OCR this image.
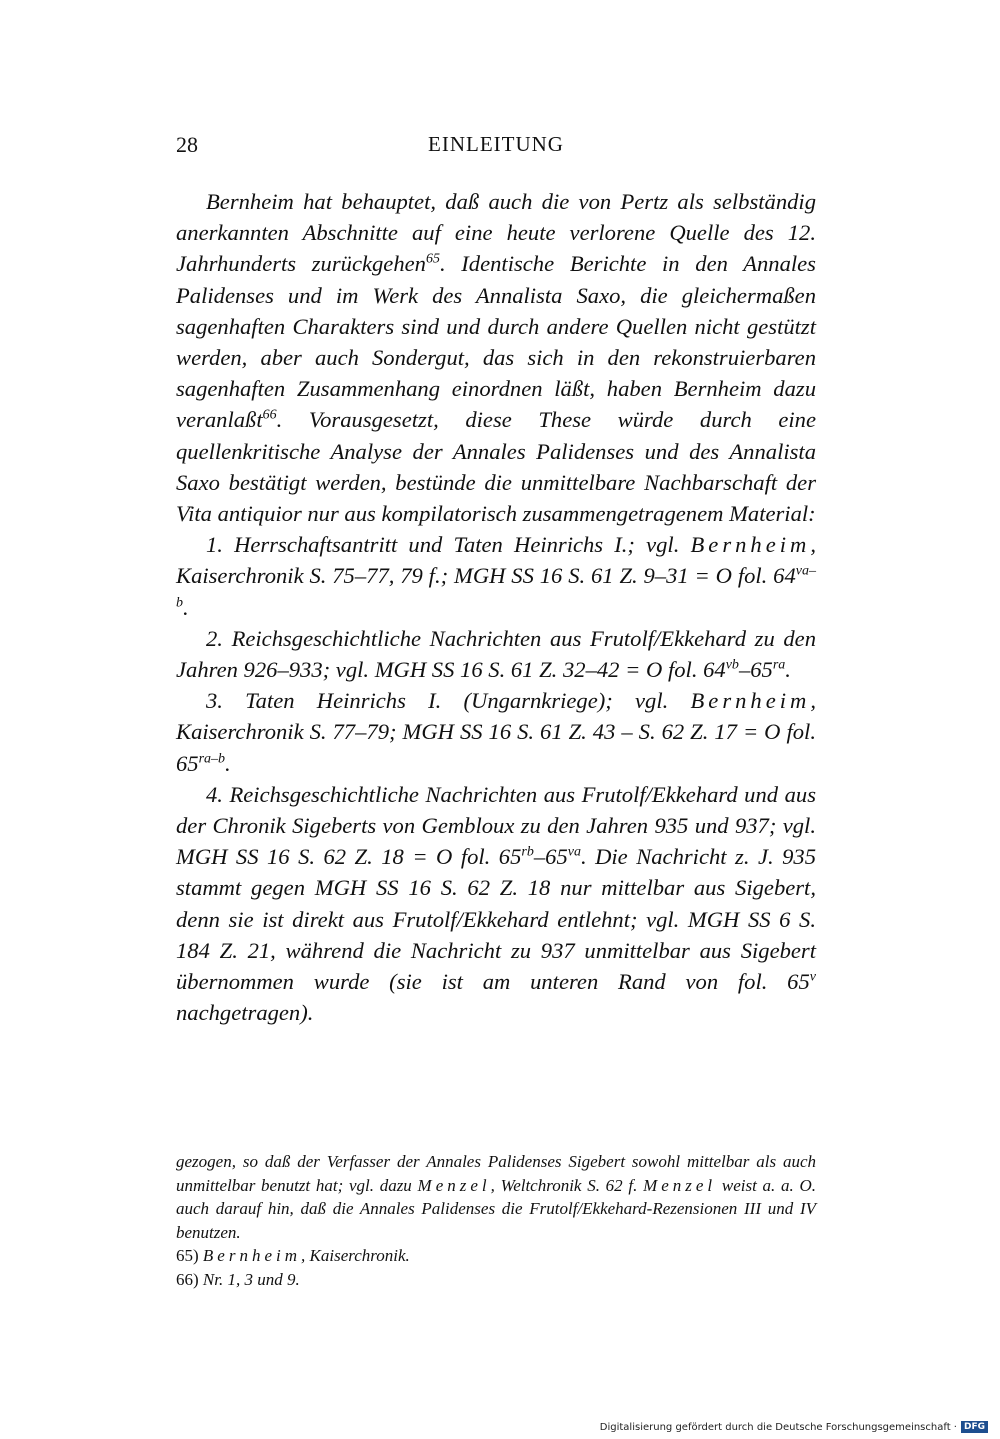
28	EINLEITUNG

Bernheim hat behauptet, daß auch die von Pertz als selbständig anerkannten Abschnitte auf eine heute verlorene Quelle des 12. Jahrhunderts zurückgehen$^{65}$. Identische Berichte in den Annales Palidenses und im Werk des Annalista Saxo, die gleichermaßen sagenhaften Charakters sind und durch andere Quellen nicht gestützt werden, aber auch Sondergut, das sich in den rekonstruierbaren sagenhaften Zusammenhang einordnen läßt, haben Bernheim dazu veranlaßt$^{66}$. Vorausgesetzt, diese These würde durch eine quellenkritische Analyse der Annales Palidenses und des Annalista Saxo bestätigt werden, bestünde die unmittelbare Nachbarschaft der Vita antiquior nur aus kompilatorisch zusammengetragenem Material:

1. Herrschaftsantritt und Taten Heinrichs I.; vgl. Bernheim, Kaiserchronik S. 75–77, 79 f.; MGH SS 16 S. 61 Z. 9–31 = O fol. $64^{va-b}$.

2. Reichsgeschichtliche Nachrichten aus Frutolf/Ekkehard zu den Jahren 926–933; vgl. MGH SS 16 S. 61 Z. 32–42 = O fol. $64^{vb}-65^{ra}$.

3. Taten Heinrichs I. (Ungarnkriege); vgl. Bernheim, Kaiserchronik S. 77–79; MGH SS 16 S. 61 Z. 43 – S. 62 Z. 17 = O fol. $65^{ra-b}$.

4. Reichsgeschichtliche Nachrichten aus Frutolf/Ekkehard und aus der Chronik Sigeberts von Gembloux zu den Jahren 935 und 937; vgl. MGH SS 16 S. 62 Z. 18 = O fol. $65^{rb}-65^{va}$. Die Nachricht z. J. 935 stammt gegen MGH SS 16 S. 62 Z. 18 nur mittelbar aus Sigebert, denn sie ist direkt aus Frutolf/Ekkehard entlehnt; vgl. MGH SS 6 S. 184 Z. 21, während die Nachricht zu 937 unmittelbar aus Sigebert übernommen wurde (sie ist am unteren Rand von fol. 65$^v$ nachgetragen).

gezogen, so daß der Verfasser der Annales Palidenses Sigebert sowohl mittelbar als auch unmittelbar benutzt hat; vgl. dazu Menzel, Weltchronik S. 62 f. Menzel weist a. a. O. auch darauf hin, daß die Annales Palidenses die Frutolf/Ekkehard-Rezensionen III und IV benutzen.

65) Bernheim, Kaiserchronik.

66) Nr. 1, 3 und 9.

Digitalisierung gefördert durch die Deutsche Forschungsgemeinschaft · DFG
